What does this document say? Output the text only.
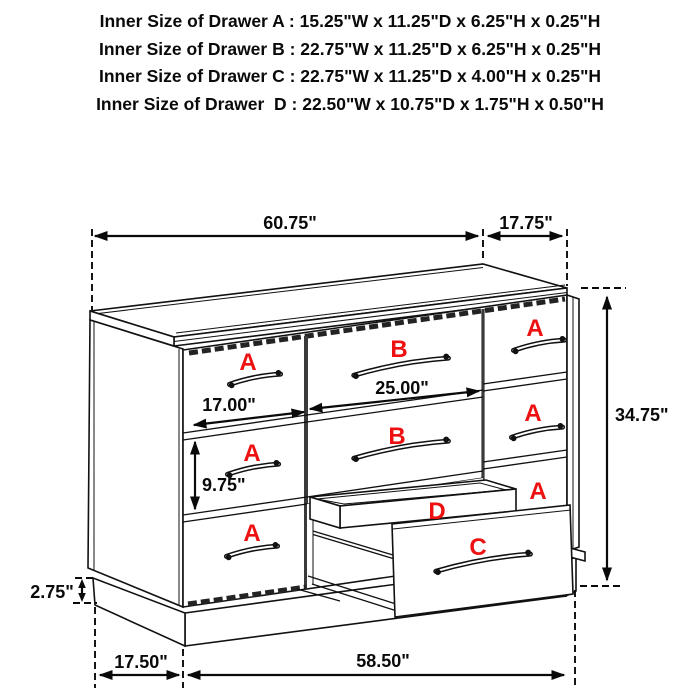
Inner Size of Drawer A : 15.25"W x 11.25"D x 6.25"H x 0.25"H
Inner Size of Drawer B : 22.75"W x 11.25"D x 6.25"H x 0.25"H
Inner Size of Drawer C : 22.75"W x 11.25"D x 4.00"H x 0.25"H
Inner Size of Drawer  D : 22.50"W x 10.75"D x 1.75"H x 0.50"H
A
A
A
A
A
A
B
B
C
D
60.75"	17.75"
34.75"
25.00"
17.00"
9.75"
2.75"
17.50"	58.50"
